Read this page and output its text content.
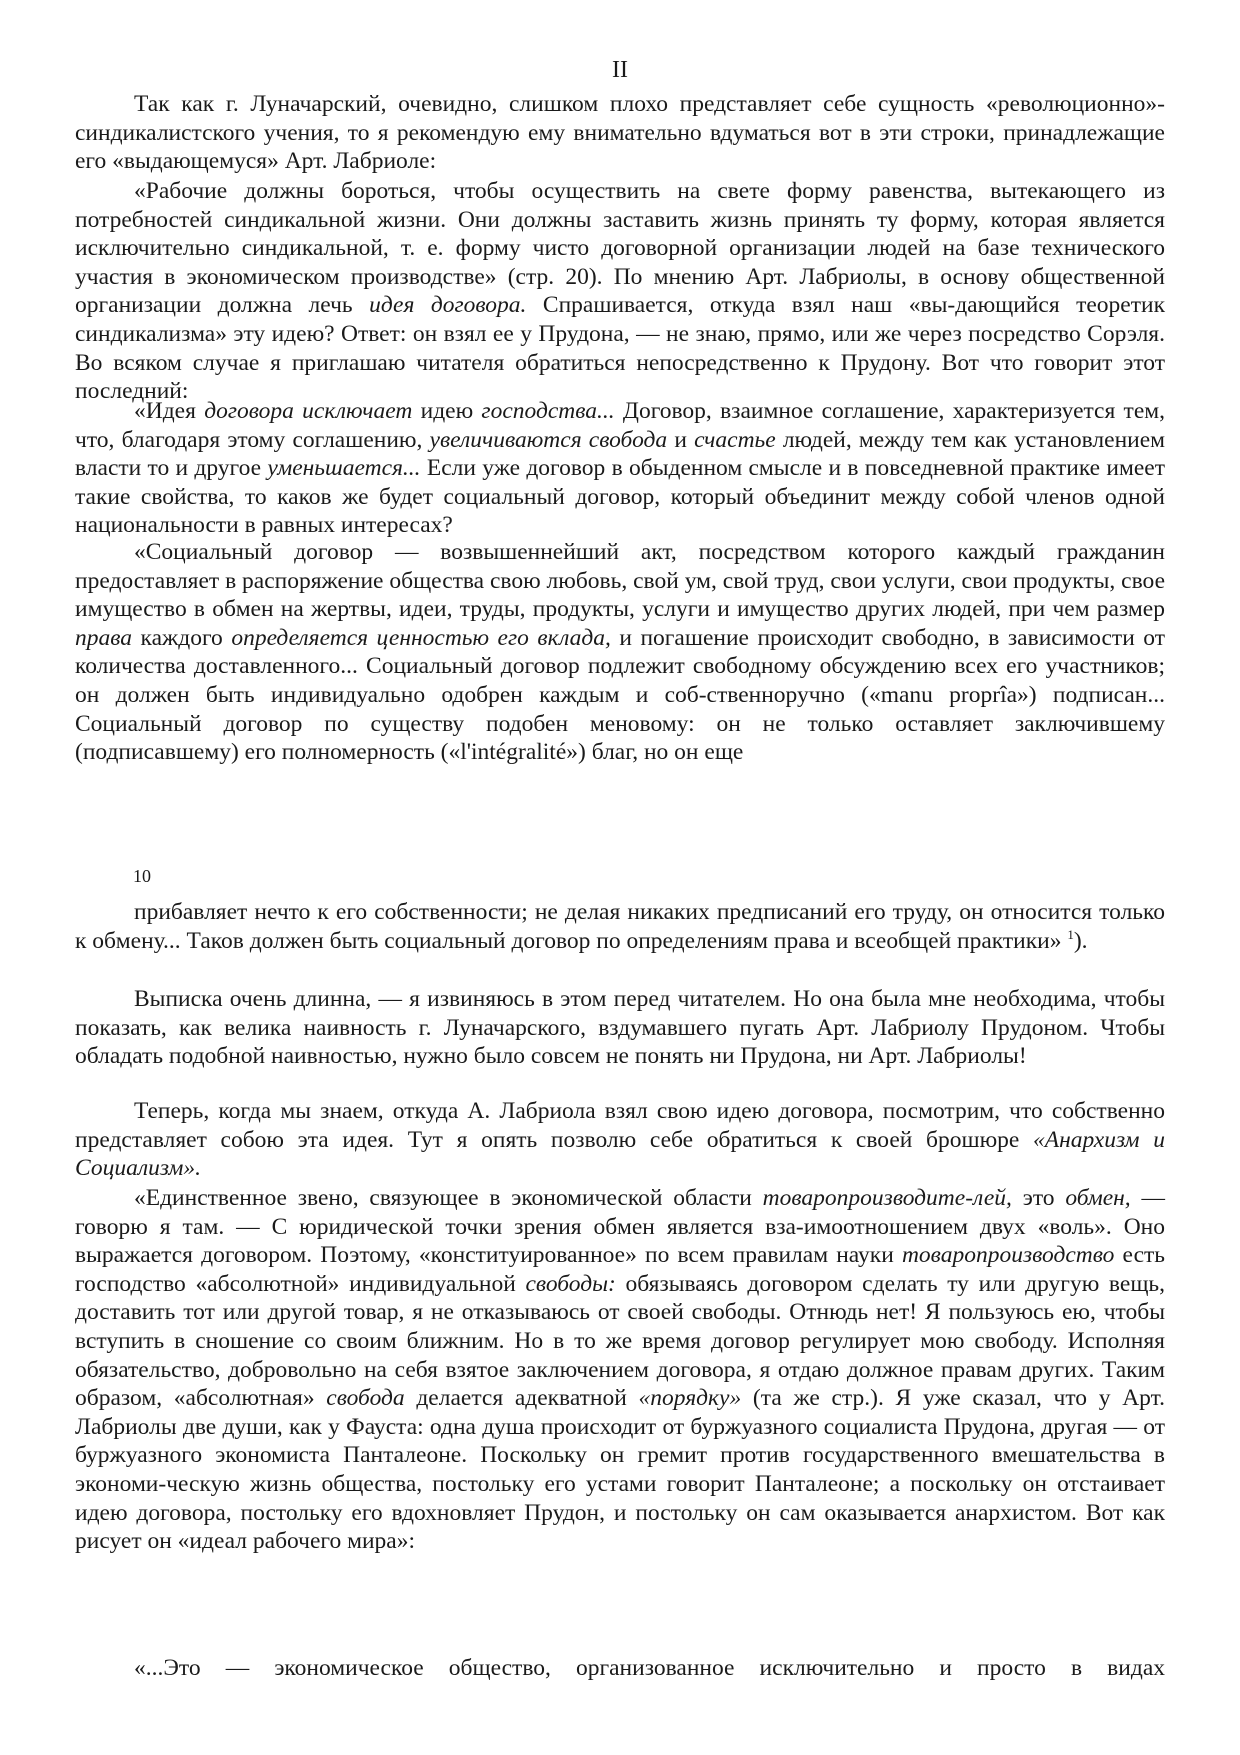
II

Так как г. Луначарский, очевидно, слишком плохо представляет себе сущность «революционно»-синдикалистского учения, то я рекомендую ему внимательно вдуматься вот в эти строки, принадлежащие его «выдающемуся» Арт. Лабриоле:

«Рабочие должны бороться, чтобы осуществить на свете форму равенства, вытекающего из потребностей синдикальной жизни. Они должны заставить жизнь принять ту форму, которая является исключительно синдикальной, т. е. форму чисто договорной организации людей на базе технического участия в экономическом производстве» (стр. 20). По мнению Арт. Лабриолы, в основу общественной организации должна лечь идея договора. Спрашивается, откуда взял наш «вы-дающийся теоретик синдикализма» эту идею? Ответ: он взял ее у Прудона, — не знаю, прямо, или же через посредство Сорэля. Во всяком случае я приглашаю читателя обратиться непосредственно к Прудону. Вот что говорит этот последний:

«Идея договора исключает идею господства... Договор, взаимное соглашение, характеризуется тем, что, благодаря этому соглашению, увеличиваются свобода и счастье людей, между тем как установлением власти то и другое уменьшается... Если уже договор в обыденном смысле и в повседневной практике имеет такие свойства, то каков же будет социальный договор, который объединит между собой членов одной национальности в равных интересах?

«Социальный договор — возвышеннейший акт, посредством которого каждый гражданин предоставляет в распоряжение общества свою любовь, свой ум, свой труд, свои услуги, свои продукты, свое имущество в обмен на жертвы, идеи, труды, продукты, услуги и имущество других людей, при чем размер права каждого определяется ценностью его вклада, и погашение происходит свободно, в зависимости от количества доставленного... Социальный договор подлежит свободному обсуждению всех его участников; он должен быть индивидуально одобрен каждым и соб-ственноручно («manu proprîa») подписан... Социальный договор по существу подобен меновому: он не только оставляет заключившему (подписавшему) его полномерность («l'intégralité») благ, но он еще

10

прибавляет нечто к его собственности; не делая никаких предписаний его труду, он относится только к обмену... Таков должен быть социальный договор по определениям права и всеобщей практики» $^1$).

Выписка очень длинна, — я извиняюсь в этом перед читателем. Но она была мне необходима, чтобы показать, как велика наивность г. Луначарского, вздумавшего пугать Арт. Лабриолу Прудоном. Чтобы обладать подобной наивностью, нужно было совсем не понять ни Прудона, ни Арт. Лабриолы!

Теперь, когда мы знаем, откуда А. Лабриола взял свою идею договора, посмотрим, что собственно представляет собою эта идея. Тут я опять позволю себе обратиться к своей брошюре «Анархизм и Социализм».

«Единственное звено, связующее в экономической области товаропроизводите-лей, это обмен, — говорю я там. — С юридической точки зрения обмен является вза-имоотношением двух «воль». Оно выражается договором. Поэтому, «конституированное» по всем правилам науки товаропроизводство есть господство «абсолютной» индивидуальной свободы: обязываясь договором сделать ту или другую вещь, доставить тот или другой товар, я не отказываюсь от своей свободы. Отнюдь нет! Я пользуюсь ею, чтобы вступить в сношение со своим ближним. Но в то же время договор регулирует мою свободу. Исполняя обязательство, добровольно на себя взятое заключением договора, я отдаю должное правам других. Таким образом, «абсолютная» свобода делается адекватной «порядку» (та же стр.). Я уже сказал, что у Арт. Лабриолы две души, как у Фауста: одна душа происходит от буржуазного социалиста Прудона, другая — от буржуазного экономиста Панталеоне. Поскольку он гремит против государственного вмешательства в экономи-ческую жизнь общества, постольку его устами говорит Панталеоне; а поскольку он отстаивает идею договора, постольку его вдохновляет Прудон, и постольку он сам оказывается анархистом. Вот как рисует он «идеал рабочего мира»:

«...Это — экономическое общество, организованное исключительно и просто в видах
